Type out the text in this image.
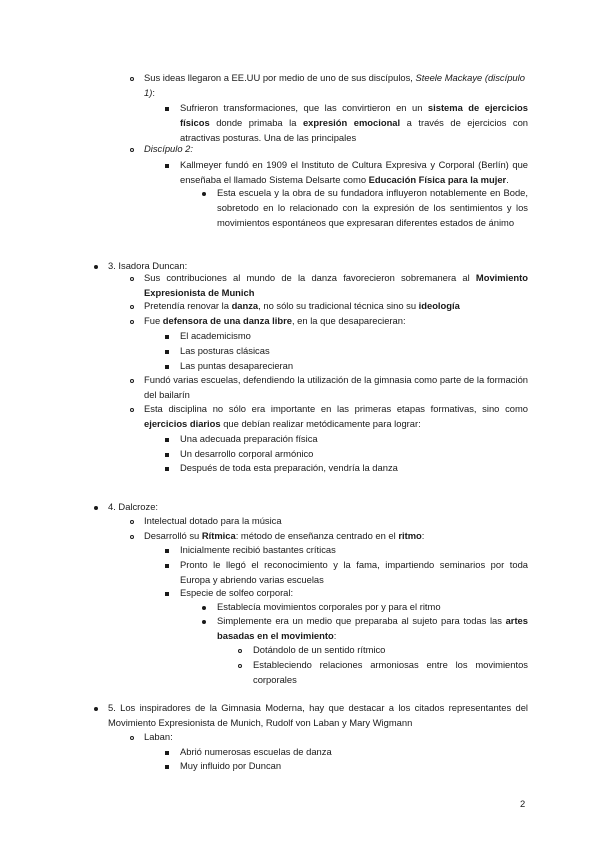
Sus ideas llegaron a EE.UU por medio de uno de sus discípulos, Steele Mackaye (discípulo
1):
Sufrieron transformaciones, que las convirtieron en un sistema de ejercicios físicos donde primaba la expresión emocional a través de ejercicios con atractivas posturas. Una de las principales
Discípulo 2:
Kallmeyer fundó en 1909 el Instituto de Cultura Expresiva y Corporal (Berlín) que enseñaba el llamado Sistema Delsarte como Educación Física para la mujer.
Esta escuela y la obra de su fundadora influyeron notablemente en Bode, sobretodo en lo relacionado con la expresión de los sentimientos y los movimientos espontáneos que expresaran diferentes estados de ánimo
3. Isadora Duncan:
Sus contribuciones al mundo de la danza favorecieron sobremanera al Movimiento Expresionista de Munich
Pretendía renovar la danza, no sólo su tradicional técnica sino su ideología
Fue defensora de una danza libre, en la que desaparecieran:
El academicismo
Las posturas clásicas
Las puntas desaparecieran
Fundó varias escuelas, defendiendo la utilización de la gimnasia como parte de la formación del bailarín
Esta disciplina no sólo era importante en las primeras etapas formativas, sino como ejercicios diarios que debían realizar metódicamente para lograr:
Una adecuada preparación física
Un desarrollo corporal armónico
Después de toda esta preparación, vendría la danza
4. Dalcroze:
Intelectual dotado para la música
Desarrolló su Rítmica: método de enseñanza centrado en el ritmo:
Inicialmente recibió bastantes críticas
Pronto le llegó el reconocimiento y la fama, impartiendo seminarios por toda Europa y abriendo varias escuelas
Especie de solfeo corporal:
Establecía movimientos corporales por y para el ritmo
Simplemente era un medio que preparaba al sujeto para todas las artes basadas en el movimiento:
Dotándolo de un sentido rítmico
Estableciendo relaciones armoniosas entre los movimientos corporales
5. Los inspiradores de la Gimnasia Moderna, hay que destacar a los citados representantes del Movimiento Expresionista de Munich, Rudolf von Laban y Mary Wigmann
Laban:
Abrió numerosas escuelas de danza
Muy influido por Duncan
2
